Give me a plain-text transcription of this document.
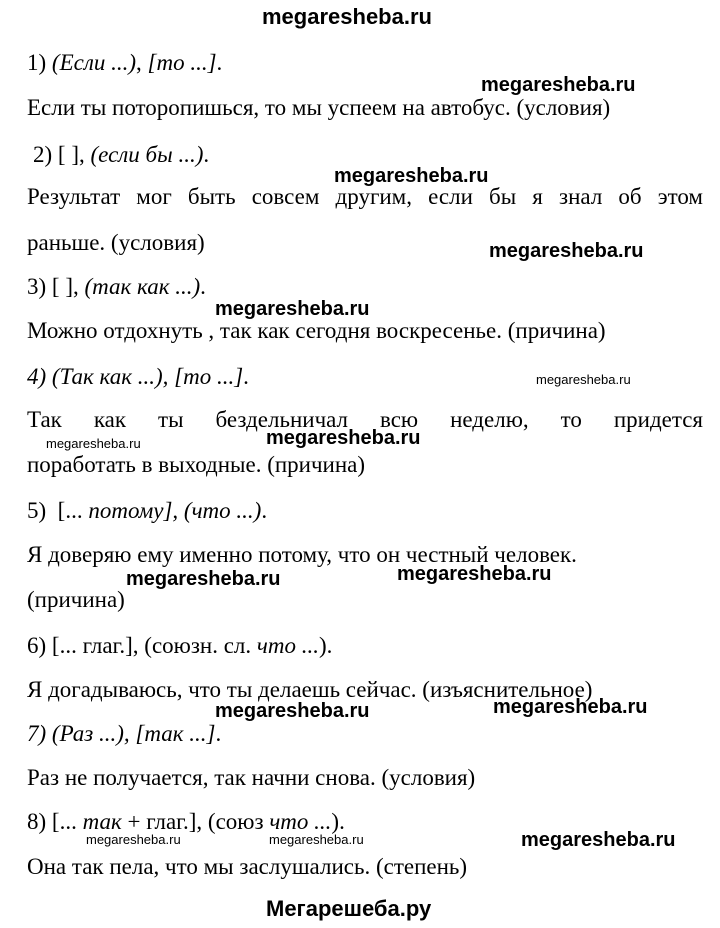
megaresheba.ru
1) (Если ...), [то ...].
Если ты поторопишься, то мы успеем на автобус. (условия)
2) [ ], (если бы ...).
Результат мог быть совсем другим, если бы я знал об этом
раньше. (условия)
3) [ ], (так как ...).
Можно отдохнуть , так как сегодня воскресенье. (причина)
4) (Так как ...), [то ...].
Так как ты бездельничал всю неделю, то придется
поработать в выходные. (причина)
5) [... потому], (что ...).
Я доверяю ему именно потому, что он честный человек.
(причина)
6) [... глаг.], (союзн. сл. что ...).
Я догадываюсь, что ты делаешь сейчас. (изъяснительное)
7) (Раз ...), [так ...].
Раз не получается, так начни снова. (условия)
8) [... так + глаг.], (союз что ...).
Она так пела, что мы заслушались. (степень)
megaresheba.ru
megaresheba.ru
megaresheba.ru
megaresheba.ru
megaresheba.ru
megaresheba.ru	megaresheba.ru
megaresheba.ru	megaresheba.ru
megaresheba.ru	megaresheba.ru
megaresheba.ru	megaresheba.ru	megaresheba.ru
Мегарешеба.ру
